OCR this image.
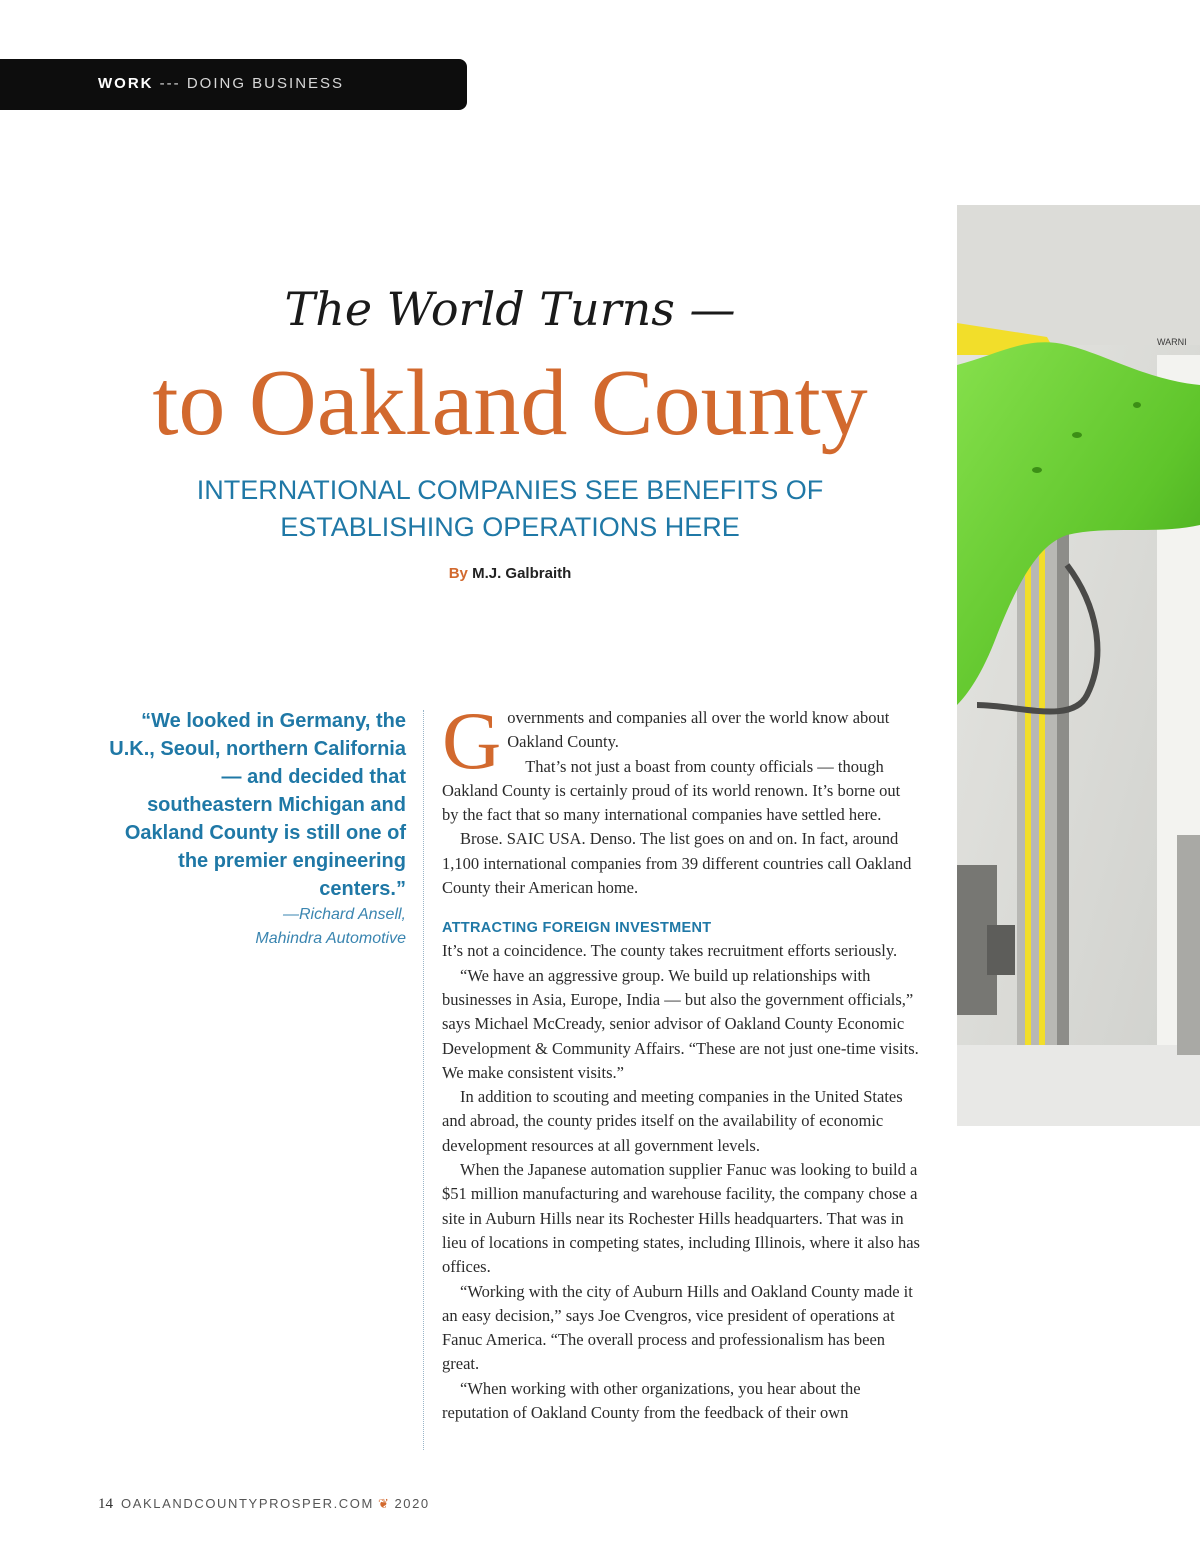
WORK --- DOING BUSINESS
The World Turns —
to Oakland County
INTERNATIONAL COMPANIES SEE BENEFITS OF
ESTABLISHING OPERATIONS HERE
By M.J. Galbraith
“We looked in Germany, the U.K., Seoul, northern California — and decided that southeastern Michigan and Oakland County is still one of the premier engineering centers.”
—Richard Ansell,
Mahindra Automotive

Governments and companies all over the world know about Oakland County.

That’s not just a boast from county officials — though Oakland County is certainly proud of its world renown. It’s borne out by the fact that so many international companies have settled here.

Brose. SAIC USA. Denso. The list goes on and on. In fact, around 1,100 international companies from 39 different countries call Oakland County their American home.

ATTRACTING FOREIGN INVESTMENT

It’s not a coincidence. The county takes recruitment efforts seriously.

“We have an aggressive group. We build up relationships with businesses in Asia, Europe, India — but also the government officials,” says Michael McCready, senior advisor of Oakland County Economic Development & Community Affairs. “These are not just one-time visits. We make consistent visits.”

In addition to scouting and meeting companies in the United States and abroad, the county prides itself on the availability of economic development resources at all government levels.

When the Japanese automation supplier Fanuc was looking to build a $51 million manufacturing and warehouse facility, the company chose a site in Auburn Hills near its Rochester Hills headquarters. That was in lieu of locations in competing states, including Illinois, where it also has offices.

“Working with the city of Auburn Hills and Oakland County made it an easy decision,” says Joe Cvengros, vice president of operations at Fanuc America. “The overall process and professionalism has been great.

“When working with other organizations, you hear about the reputation of Oakland County from the feedback of their own

14 OAKLANDCOUNTYPROSPER.COM ❦ 2020
WARNI
